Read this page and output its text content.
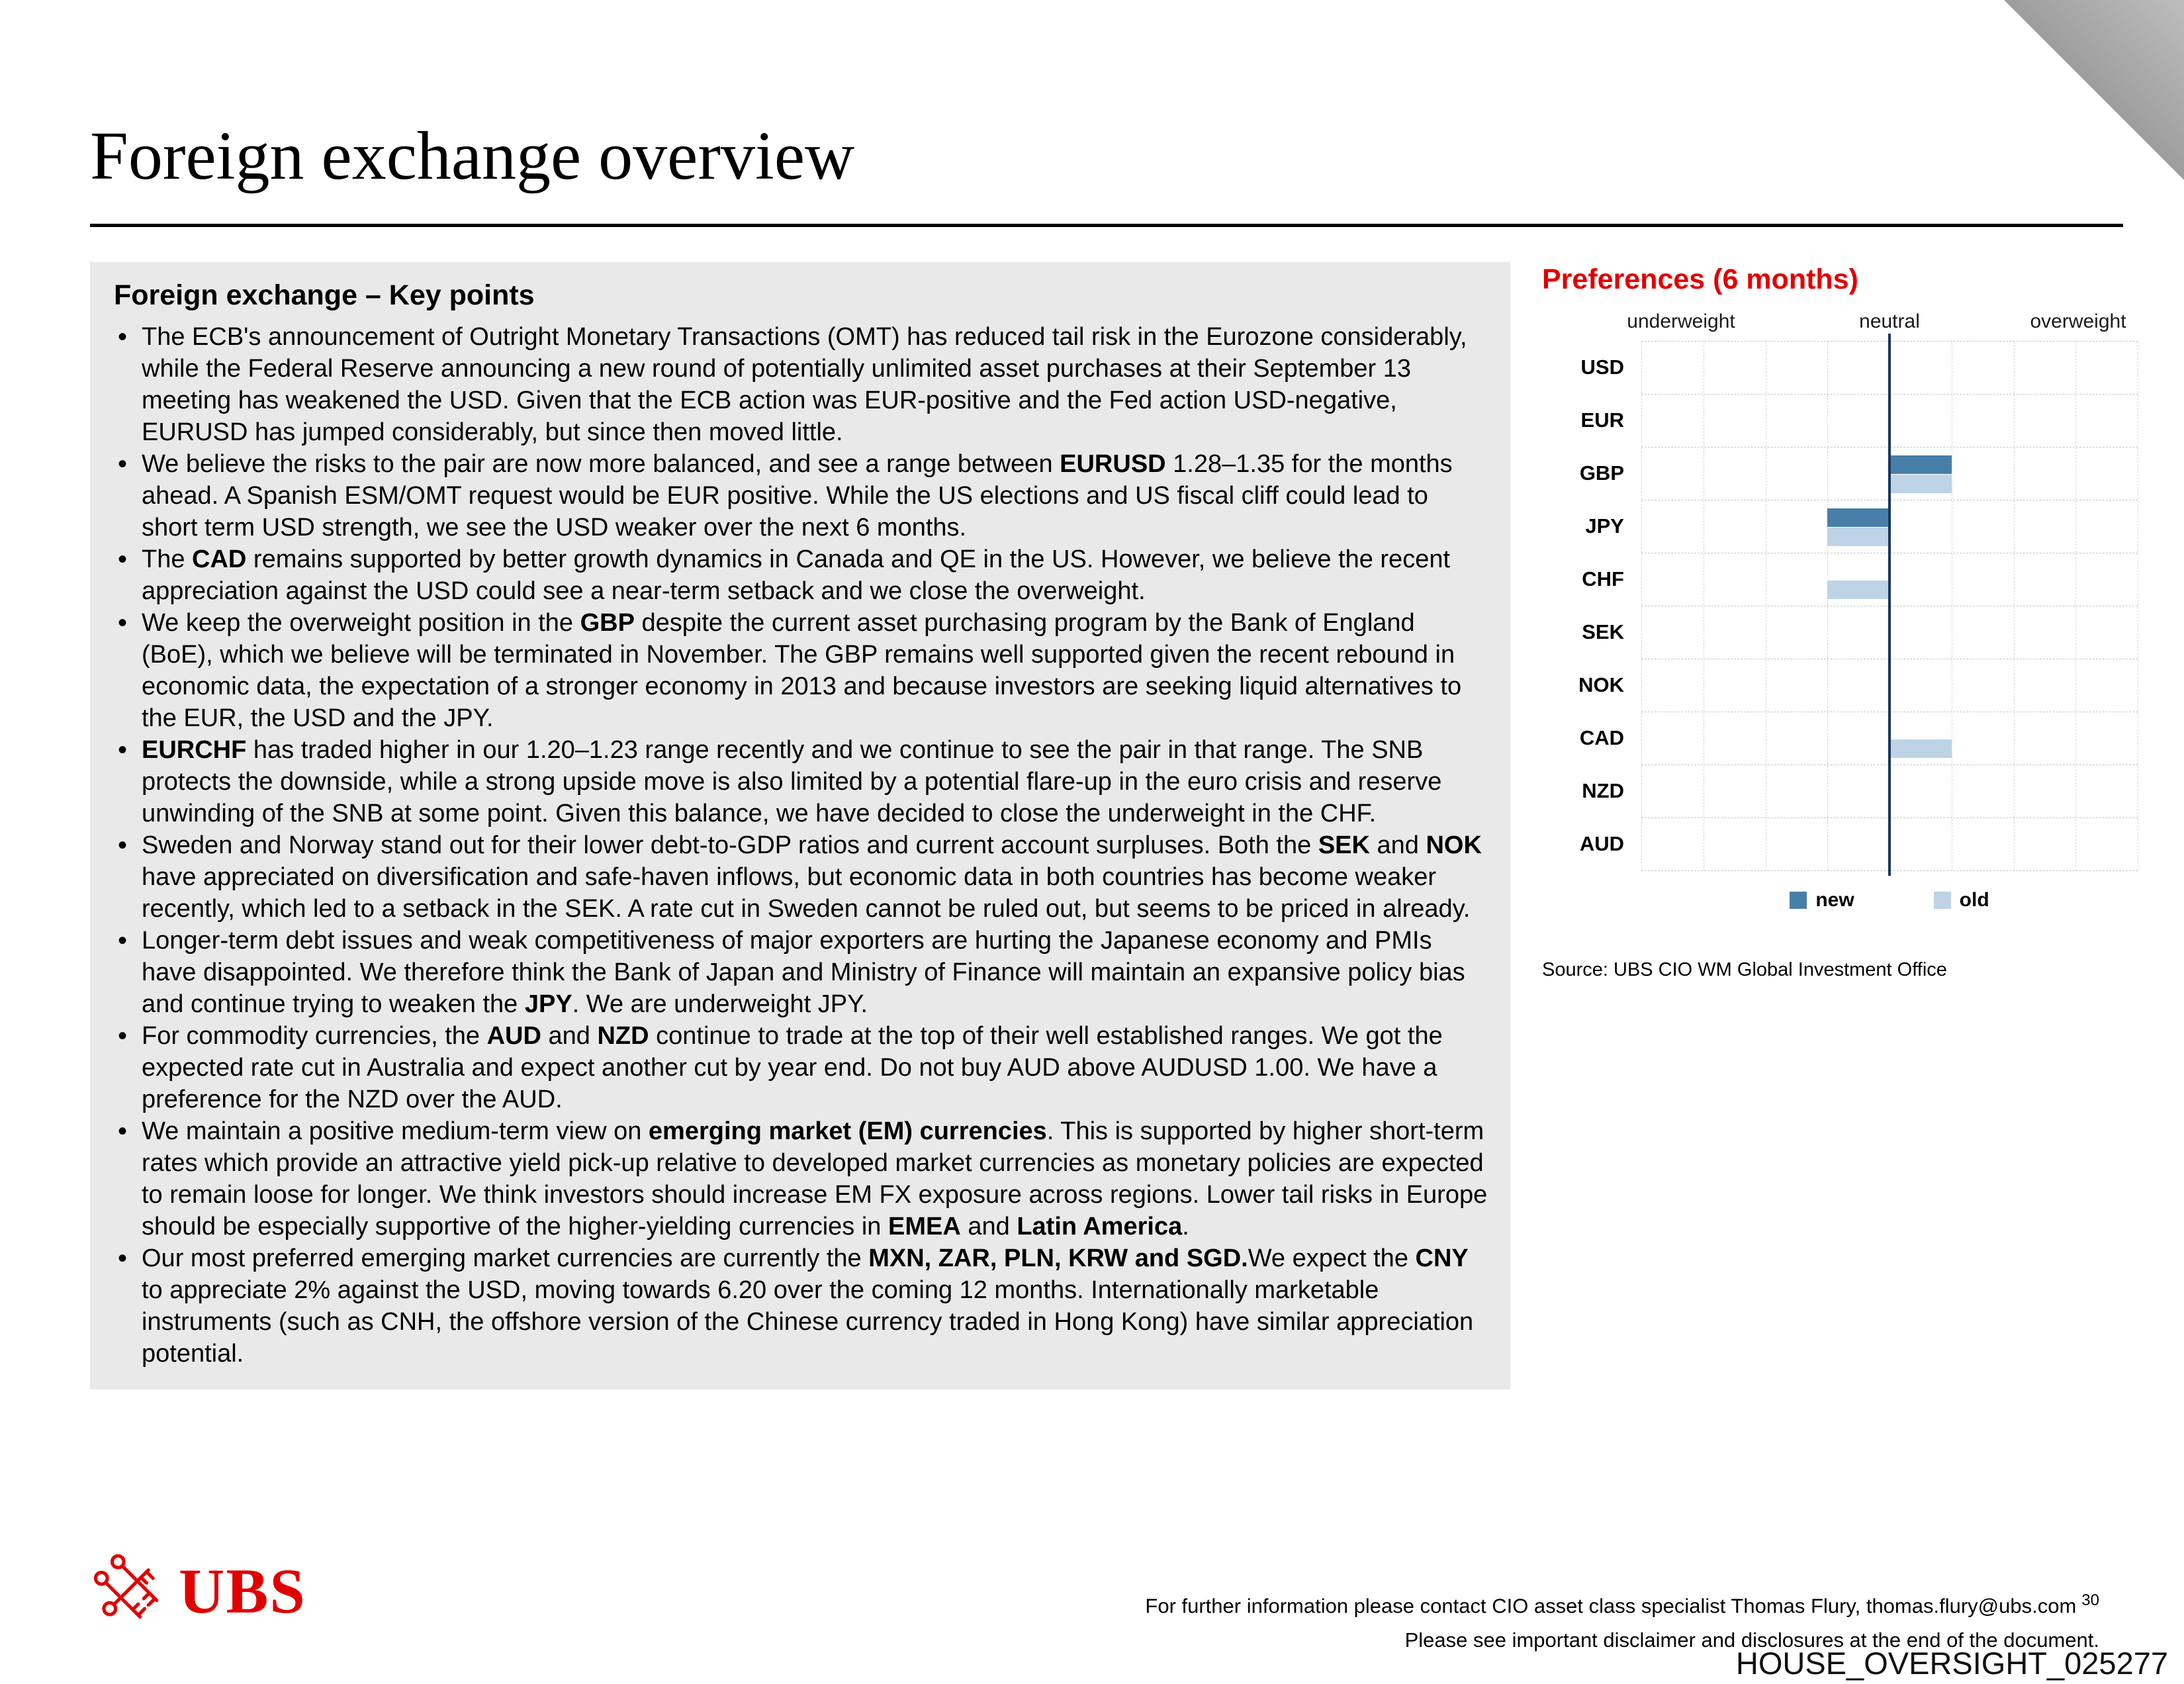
Foreign exchange overview
Foreign exchange – Key points
• The ECB's announcement of Outright Monetary Transactions (OMT) has reduced tail risk in the Eurozone considerably, while the Federal Reserve announcing a new round of potentially unlimited asset purchases at their September 13 meeting has weakened the USD. Given that the ECB action was EUR-positive and the Fed action USD-negative, EURUSD has jumped considerably, but since then moved little.
• We believe the risks to the pair are now more balanced, and see a range between EURUSD 1.28–1.35 for the months ahead. A Spanish ESM/OMT request would be EUR positive. While the US elections and US fiscal cliff could lead to short term USD strength, we see the USD weaker over the next 6 months.
• The CAD remains supported by better growth dynamics in Canada and QE in the US. However, we believe the recent appreciation against the USD could see a near-term setback and we close the overweight.
• We keep the overweight position in the GBP despite the current asset purchasing program by the Bank of England (BoE), which we believe will be terminated in November. The GBP remains well supported given the recent rebound in economic data, the expectation of a stronger economy in 2013 and because investors are seeking liquid alternatives to the EUR, the USD and the JPY.
• EURCHF has traded higher in our 1.20–1.23 range recently and we continue to see the pair in that range. The SNB protects the downside, while a strong upside move is also limited by a potential flare-up in the euro crisis and reserve unwinding of the SNB at some point. Given this balance, we have decided to close the underweight in the CHF.
• Sweden and Norway stand out for their lower debt-to-GDP ratios and current account surpluses. Both the SEK and NOK have appreciated on diversification and safe-haven inflows, but economic data in both countries has become weaker recently, which led to a setback in the SEK. A rate cut in Sweden cannot be ruled out, but seems to be priced in already.
• Longer-term debt issues and weak competitiveness of major exporters are hurting the Japanese economy and PMIs have disappointed. We therefore think the Bank of Japan and Ministry of Finance will maintain an expansive policy bias and continue trying to weaken the JPY. We are underweight JPY.
• For commodity currencies, the AUD and NZD continue to trade at the top of their well established ranges. We got the expected rate cut in Australia and expect another cut by year end. Do not buy AUD above AUDUSD 1.00. We have a preference for the NZD over the AUD.
• We maintain a positive medium-term view on emerging market (EM) currencies. This is supported by higher short-term rates which provide an attractive yield pick-up relative to developed market currencies as monetary policies are expected to remain loose for longer. We think investors should increase EM FX exposure across regions. Lower tail risks in Europe should be especially supportive of the higher-yielding currencies in EMEA and Latin America.
• Our most preferred emerging market currencies are currently the MXN, ZAR, PLN, KRW and SGD.We expect the CNY to appreciate 2% against the USD, moving towards 6.20 over the coming 12 months. Internationally marketable instruments (such as CNH, the offshore version of the Chinese currency traded in Hong Kong) have similar appreciation potential.
Preferences (6 months)
underweight	neutral	overweight
USD
EUR
GBP
JPY
CHF
SEK
NOK
CAD
NZD
AUD
new	old
Source: UBS CIO WM Global Investment Office
UBS	For further information please contact CIO asset class specialist Thomas Flury, thomas.flury@ubs.com $^{30}$
Please see important disclaimer and disclosures at the end of the document.
HOUSE_OVERSIGHT_025277
